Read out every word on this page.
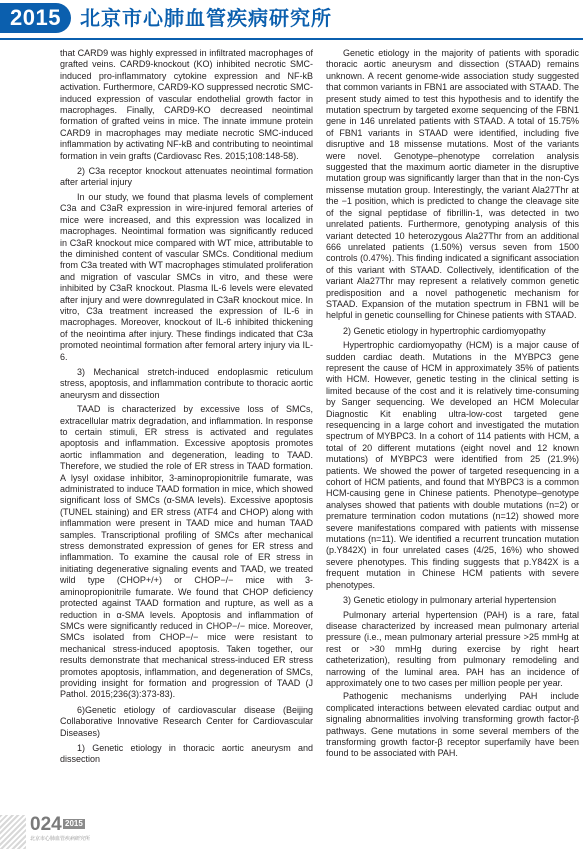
2015 北京市心肺血管疾病研究所

that CARD9 was highly expressed in infiltrated macrophages of grafted veins. CARD9-knockout (KO) inhibited necrotic SMC-induced pro-inflammatory cytokine expression and NF-kB activation. Furthermore, CARD9-KO suppressed necrotic SMC-induced expression of vascular endothelial growth factor in macrophages. Finally, CARD9-KO decreased neointimal formation of grafted veins in mice. The innate immune protein CARD9 in macrophages may mediate necrotic SMC-induced inflammation by activating NF-kB and contributing to neointimal formation in vein grafts (Cardiovasc Res. 2015;108:148-58).

2) C3a receptor knockout attenuates neointimal formation after arterial injury

In our study, we found that plasma levels of complement C3a and C3aR expression in wire-injured femoral arteries of mice were increased, and this expression was localized in macrophages. Neointimal formation was significantly reduced in C3aR knockout mice compared with WT mice, attributable to the diminished content of vascular SMCs. Conditional medium from C3a treated with WT macrophages stimulated proliferation and migration of vascular SMCs in vitro, and these were inhibited by C3aR knockout. Plasma IL-6 levels were elevated after injury and were downregulated in C3aR knockout mice. In vitro, C3a treatment increased the expression of IL-6 in macrophages. Moreover, knockout of IL-6 inhibited thickening of the neointima after injury. These findings indicated that C3a promoted neointimal formation after femoral artery injury via IL-6.

3) Mechanical stretch-induced endoplasmic reticulum stress, apoptosis, and inflammation contribute to thoracic aortic aneurysm and dissection

TAAD is characterized by excessive loss of SMCs, extracellular matrix degradation, and inflammation. In response to certain stimuli, ER stress is activated and regulates apoptosis and inflammation. Excessive apoptosis promotes aortic inflammation and degeneration, leading to TAAD. Therefore, we studied the role of ER stress in TAAD formation. A lysyl oxidase inhibitor, 3-aminopropionitrile fumarate, was administrated to induce TAAD formation in mice, which showed significant loss of SMCs (α-SMA levels). Excessive apoptosis (TUNEL staining) and ER stress (ATF4 and CHOP) along with inflammation were present in TAAD mice and human TAAD samples. Transcriptional profiling of SMCs after mechanical stress demonstrated expression of genes for ER stress and inflammation. To examine the causal role of ER stress in initiating degenerative signaling events and TAAD, we treated wild type (CHOP+/+) or CHOP−/− mice with 3-aminopropionitrile fumarate. We found that CHOP deficiency protected against TAAD formation and rupture, as well as a reduction in α-SMA levels. Apoptosis and inflammation of SMCs were significantly reduced in CHOP−/− mice. Moreover, SMCs isolated from CHOP−/− mice were resistant to mechanical stress-induced apoptosis. Taken together, our results demonstrate that mechanical stress-induced ER stress promotes apoptosis, inflammation, and degeneration of SMCs, providing insight for formation and progression of TAAD (J Pathol. 2015;236(3):373-83).

6)Genetic etiology of cardiovascular disease (Beijing Collaborative Innovative Research Center for Cardiovascular Diseases)

1) Genetic etiology in thoracic aortic aneurysm and dissection

Genetic etiology in the majority of patients with sporadic thoracic aortic aneurysm and dissection (STAAD) remains unknown. A recent genome-wide association study suggested that common variants in FBN1 are associated with STAAD. The present study aimed to test this hypothesis and to identify the mutation spectrum by targeted exome sequencing of the FBN1 gene in 146 unrelated patients with STAAD. A total of 15.75% of FBN1 variants in STAAD were identified, including five disruptive and 18 missense mutations. Most of the variants were novel. Genotype–phenotype correlation analysis suggested that the maximum aortic diameter in the disruptive mutation group was significantly larger than that in the non-Cys missense mutation group. Interestingly, the variant Ala27Thr at the −1 position, which is predicted to change the cleavage site of the signal peptidase of fibrillin-1, was detected in two unrelated patients. Furthermore, genotyping analysis of this variant detected 10 heterozygous Ala27Thr from an additional 666 unrelated patients (1.50%) versus seven from 1500 controls (0.47%). This finding indicated a significant association of this variant with STAAD. Collectively, identification of the variant Ala27Thr may represent a relatively common genetic predisposition and a novel pathogenetic mechanism for STAAD. Expansion of the mutation spectrum in FBN1 will be helpful in genetic counselling for Chinese patients with STAAD.

2) Genetic etiology in hypertrophic cardiomyopathy

Hypertrophic cardiomyopathy (HCM) is a major cause of sudden cardiac death. Mutations in the MYBPC3 gene represent the cause of HCM in approximately 35% of patients with HCM. However, genetic testing in the clinical setting is limited because of the cost and it is relatively time-consuming by Sanger sequencing. We developed an HCM Molecular Diagnostic Kit enabling ultra-low-cost targeted gene resequencing in a large cohort and investigated the mutation spectrum of MYBPC3. In a cohort of 114 patients with HCM, a total of 20 different mutations (eight novel and 12 known mutations) of MYBPC3 were identified from 25 (21.9%) patients. We showed the power of targeted resequencing in a cohort of HCM patients, and found that MYBPC3 is a common HCM-causing gene in Chinese patients. Phenotype–genotype analyses showed that patients with double mutations (n=2) or premature termination codon mutations (n=12) showed more severe manifestations compared with patients with missense mutations (n=11). We identified a recurrent truncation mutation (p.Y842X) in four unrelated cases (4/25, 16%) who showed severe phenotypes. This finding suggests that p.Y842X is a frequent mutation in Chinese HCM patients with severe phenotypes.

3) Genetic etiology in pulmonary arterial hypertension

Pulmonary arterial hypertension (PAH) is a rare, fatal disease characterized by increased mean pulmonary arterial pressure (i.e., mean pulmonary arterial pressure >25 mmHg at rest or >30 mmHg during exercise by right heart catheterization), resulting from pulmonary remodeling and narrowing of the luminal area. PAH has an incidence of approximately one to two cases per million people per year.

Pathogenic mechanisms underlying PAH include complicated interactions between elevated cardiac output and signaling abnormalities involving transforming growth factor-β pathways. Gene mutations in some several members of the transforming growth factor-β receptor superfamily have been found to be associated with PAH.

024 2015
北京市心肺血管疾病研究所
